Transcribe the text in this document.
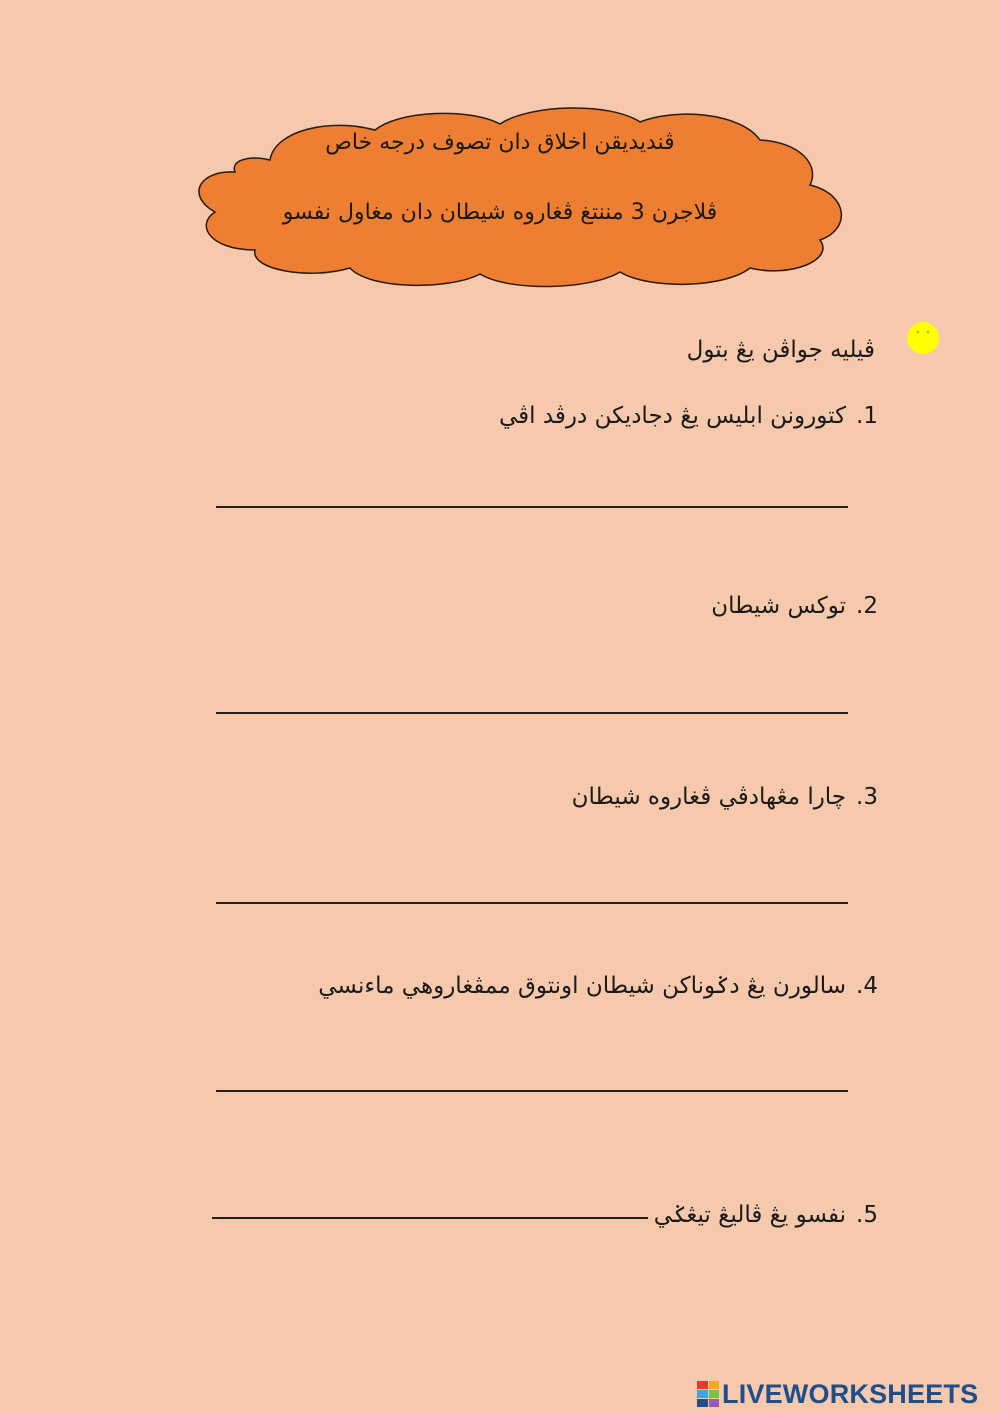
ڤنديديقن اخلاق دان تصوف درجه خاص
ڤلاجرن 3 مننتغ ڤغاروه شيطان دان مغاول نفسو
ڤيليه جواڤن يڠ بتول
1.كتورونن ابليس يڠ دجاديكن درڤد اڤي
2.توكس شيطان
3.چارا مڠهادڤي ڤغاروه شيطان
4.سالورن يڠ دݢوناكن شيطان اونتوق ممڤغاروهي ماءنسي
5.نفسو يڠ ڤاليڠ تيڠݢي
LIVEWORKSHEETS
